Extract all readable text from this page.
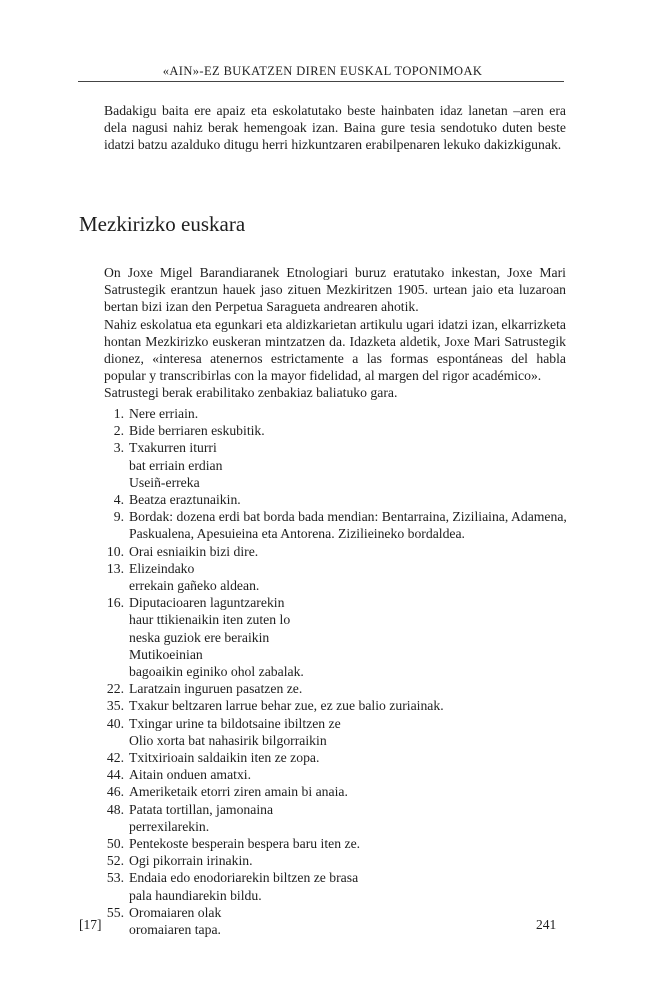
«AIN»-EZ BUKATZEN DIREN EUSKAL TOPONIMOAK

Badakigu baita ere apaiz eta eskolatutako beste hainbaten idaz lanetan –aren era dela nagusi nahiz berak hemengoak izan. Baina gure tesia sendotuko duten beste idatzi batzu azalduko ditugu herri hizkuntzaren erabilpenaren lekuko dakizkigunak.

Mezkirizko euskara

On Joxe Migel Barandiaranek Etnologiari buruz eratutako inkestan, Joxe Mari Satrustegik erantzun hauek jaso zituen Mezkiritzen 1905. urtean jaio eta luzaroan bertan bizi izan den Perpetua Saragueta andrearen ahotik.

Nahiz eskolatua eta egunkari eta aldizkarietan artikulu ugari idatzi izan, elkarrizketa hontan Mezkirizko euskeran mintzatzen da. Idazketa aldetik, Joxe Mari Satrustegik dionez, «interesa atenernos estrictamente a las formas espontáneas del habla popular y transcribirlas con la mayor fidelidad, al margen del rigor académico».

Satrustegi berak erabilitako zenbakiaz baliatuko gara.

1. Nere erriain.
2. Bide berriaren eskubitik.
3. Txakurren iturri
bat erriain erdian
Useiñ-erreka
4. Beatza eraztunaikin.
9. Bordak: dozena erdi bat borda bada mendian: Bentarraina, Ziziliaina, Adamena, Paskualena, Apesuieina eta Antorena. Zizilieineko bordaldea.
10. Orai esniaikin bizi dire.
13. Elizeindako
errekain gañeko aldean.
16. Diputacioaren laguntzarekin
haur ttikienaikin iten zuten lo
neska guziok ere beraikin
Mutikoeinian
bagoaikin eginiko ohol zabalak.
22. Laratzain inguruen pasatzen ze.
35. Txakur beltzaren larrue behar zue, ez zue balio zuriainak.
40. Txingar urine ta bildotsaine ibiltzen ze
Olio xorta bat nahasirik bilgorraikin
42. Txitxirioain saldaikin iten ze zopa.
44. Aitain onduen amatxi.
46. Ameriketaik etorri ziren amain bi anaia.
48. Patata tortillan, jamonaina
perrexilarekin.
50. Pentekoste besperain bespera baru iten ze.
52. Ogi pikorrain irinakin.
53. Endaia edo enodoriarekin biltzen ze brasa
pala haundiarekin bildu.
55. Oromaiaren olak
oromaiaren tapa.
[17]	241
